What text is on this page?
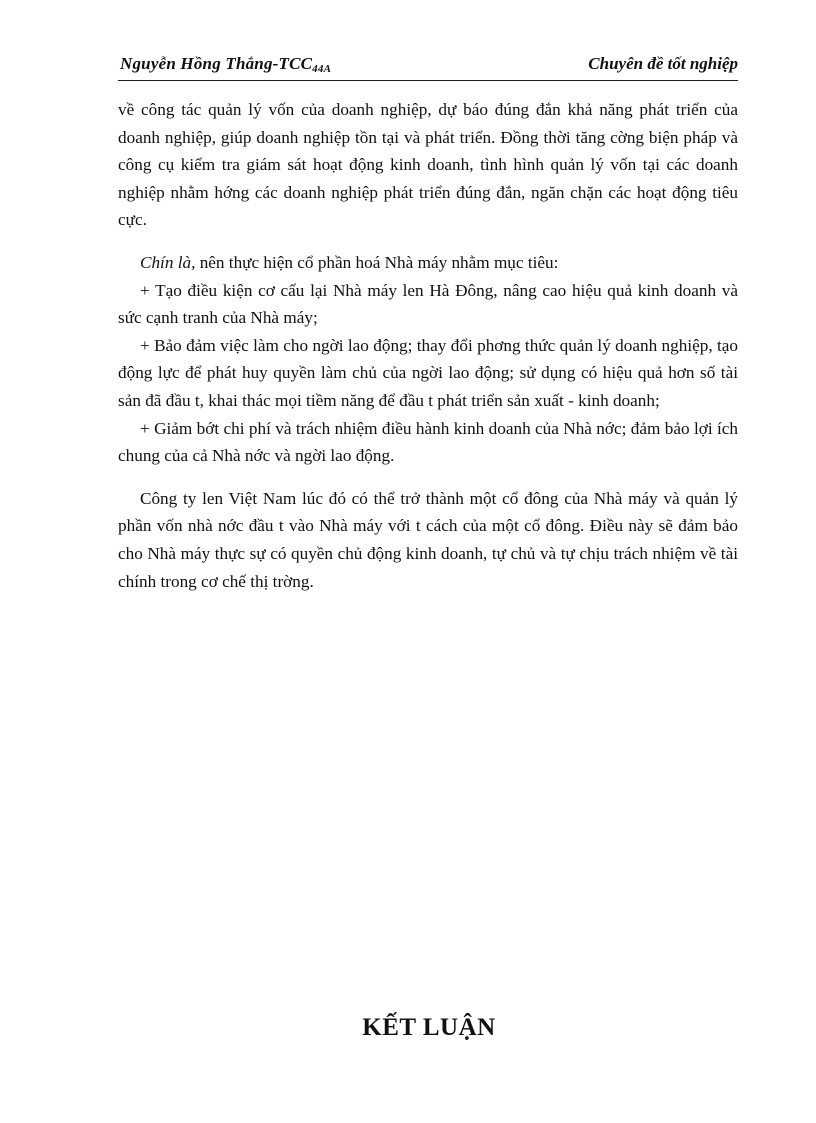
Nguyễn Hồng Thắng-TCC44A	Chuyên đề tốt nghiệp

về công tác quản lý vốn của doanh nghiệp, dự báo đúng đắn khả năng phát triển của doanh nghiệp, giúp doanh nghiệp tồn tại và phát triển. Đồng thời tăng cờng biện pháp và công cụ kiểm tra giám sát hoạt động kinh doanh, tình hình quản lý vốn tại các doanh nghiệp nhằm hớng các doanh nghiệp phát triển đúng đắn, ngăn chặn các hoạt động tiêu cực.

Chín là, nên thực hiện cổ phần hoá Nhà máy nhằm mục tiêu:

+ Tạo điều kiện cơ cấu lại Nhà máy len Hà Đông, nâng cao hiệu quả kinh doanh và sức cạnh tranh của Nhà máy;

+ Bảo đảm việc làm cho ngời lao động; thay đổi phơng thức quản lý doanh nghiệp, tạo động lực để phát huy quyền làm chủ của ngời lao động; sử dụng có hiệu quả hơn số tài sản đã đầu t, khai thác mọi tiềm năng để đầu t phát triển sản xuất - kinh doanh;

+ Giảm bớt chi phí và trách nhiệm điều hành kinh doanh của Nhà nớc; đảm bảo lợi ích chung của cả Nhà nớc và ngời lao động.

Công ty len Việt Nam lúc đó có thể trở thành một cổ đông của Nhà máy và quản lý phần vốn nhà nớc đầu t vào Nhà máy với t cách của một cổ đông. Điều này sẽ đảm bảo cho Nhà máy thực sự có quyền chủ động kinh doanh, tự chủ và tự chịu trách nhiệm về tài chính trong cơ chế thị trờng.

KẾT LUẬN
